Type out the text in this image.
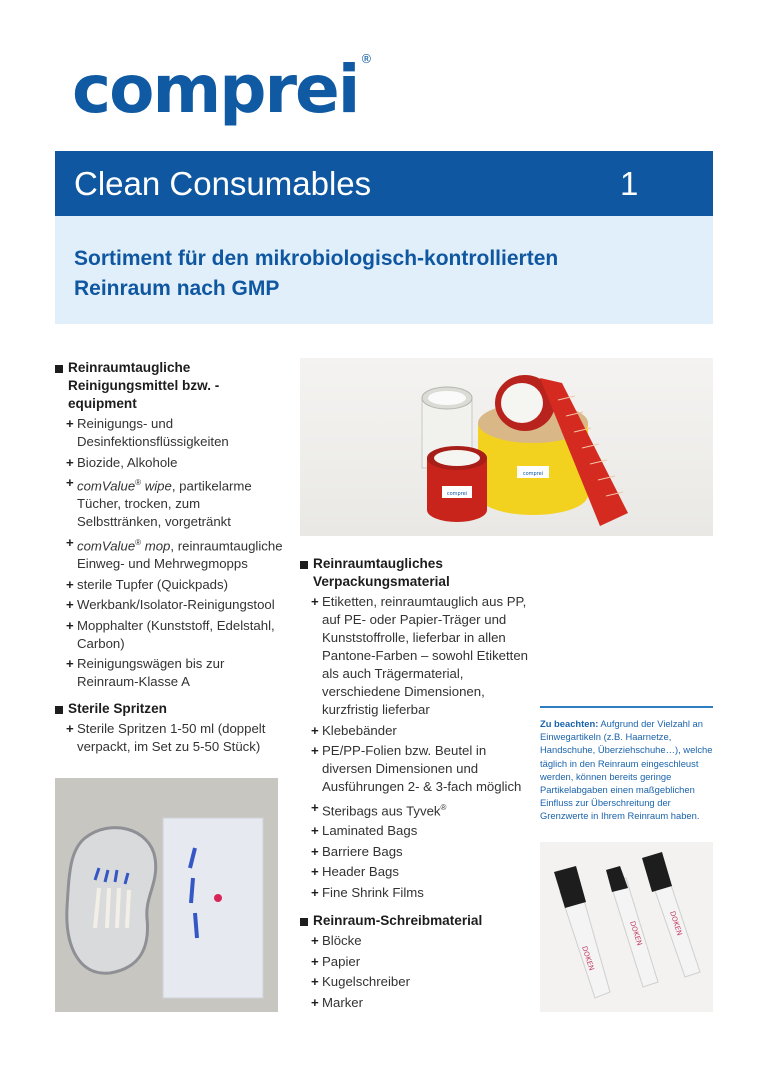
comprei ®
Clean Consumables	1
Sortiment für den mikrobiologisch-kontrollierten Reinraum nach GMP
Reinraumtaugliche Reinigungsmittel bzw. -equipment
+ Reinigungs- und Desinfektionsflüssigkeiten
+ Biozide, Alkohole
+ comValue® wipe, partikelarme Tücher, trocken, zum Selbsttränken, vorgetränkt
+ comValue® mop, reinraumtaugliche Einweg- und Mehrwegmopps
+ sterile Tupfer (Quickpads)
+ Werkbank/Isolator-Reinigungstool
+ Mopphalter (Kunststoff, Edelstahl, Carbon)
+ Reinigungswägen bis zur Reinraum-Klasse A
Sterile Spritzen
+ Sterile Spritzen 1-50 ml (doppelt verpackt, im Set zu 5-50 Stück)
Reinraumtaugliches Verpackungsmaterial
+ Etiketten, reinraumtauglich aus PP, auf PE- oder Papier-Träger und Kunststoffrolle, lieferbar in allen Pantone-Farben – sowohl Etiketten als auch Trägermaterial, verschiedene Dimensionen, kurzfristig lieferbar
+ Klebebänder
+ PE/PP-Folien bzw. Beutel in diversen Dimensionen und Ausführungen 2- & 3-fach möglich
+ Steribags aus Tyvek®
+ Laminated Bags
+ Barriere Bags
+ Header Bags
+ Fine Shrink Films
Reinraum-Schreibmaterial
+ Blöcke
+ Papier
+ Kugelschreiber
+ Marker
comprei
comprei
DOKEN
DOKEN	DOKEN
Zu beachten: Aufgrund der Vielzahl an Einwegartikeln (z.B. Haarnetze, Handschuhe, Überziehschuhe…), welche täglich in den Reinraum eingeschleust werden, können bereits geringe Partikelabgaben einen maßgeblichen Einfluss zur Überschreitung der Grenzwerte in Ihrem Reinraum haben.
